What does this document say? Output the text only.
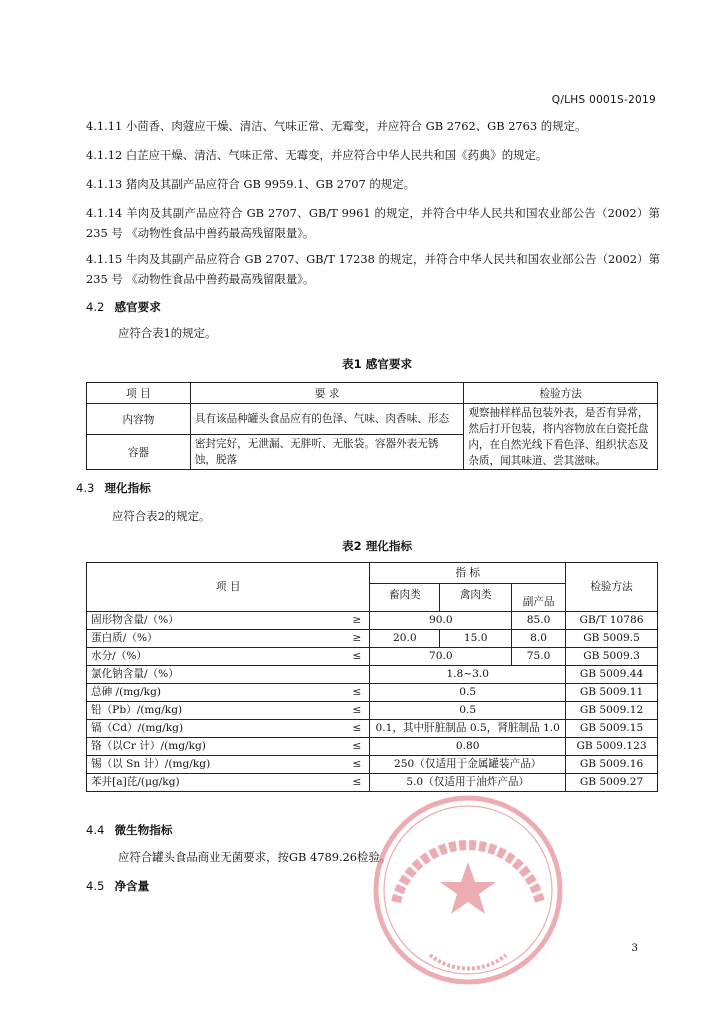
Q/LHS 0001S-2019
4.1.11 小茴香、肉蔻应干燥、清洁、气味正常、无霉变，并应符合 GB 2762、GB 2763 的规定。
4.1.12 白芷应干燥、清洁、气味正常、无霉变，并应符合中华人民共和国《药典》的规定。
4.1.13 猪肉及其副产品应符合 GB 9959.1、GB 2707 的规定。
4.1.14 羊肉及其副产品应符合 GB 2707、GB/T 9961 的规定，并符合中华人民共和国农业部公告（2002）第 235 号 《动物性食品中兽药最高残留限量》。
4.1.15 牛肉及其副产品应符合 GB 2707、GB/T 17238 的规定，并符合中华人民共和国农业部公告（2002）第 235 号 《动物性食品中兽药最高残留限量》。
4.2 感官要求
应符合表1的规定。
表1 感官要求
项 目	要 求	检验方法
内容物	具有该品种罐头食品应有的色泽、气味、肉香味、形态	观察抽样样品包装外表，是否有异常，然后打开包装，将内容物放在白瓷托盘内，在自然光线下看色泽、组织状态及杂质，闻其味道、尝其滋味。
容器	密封完好，无泄漏、无胖听、无胀袋。容器外表无锈蚀，脱落	
4.3 理化指标
应符合表2的规定。
表2 理化指标
项 目	指 标			检验方法
	畜肉类	禽肉类	副产品	
固形物含量/（%） ≥	90.0		85.0	GB/T 10786
蛋白质/（%） ≥	20.0	15.0	8.0	GB 5009.5
水分/（%） ≤	70.0		75.0	GB 5009.3
氯化钠含量/（%）	1.8~3.0			GB 5009.44
总砷 /(mg/kg) ≤	0.5			GB 5009.11
铅（Pb）/(mg/kg) ≤	0.5			GB 5009.12
镉（Cd）/(mg/kg) ≤	0.1，其中肝脏制品 0.5，肾脏制品 1.0			GB 5009.15
铬（以Cr 计）/(mg/kg) ≤	0.80			GB 5009.123
锡（以 Sn 计）/(mg/kg) ≤	250（仅适用于金属罐装产品）			GB 5009.16
苯并[a]芘/(μg/kg) ≤	5.0（仅适用于油炸产品）			GB 5009.27
4.4 微生物指标
应符合罐头食品商业无菌要求，按GB 4789.26检验。
4.5 净含量
3
